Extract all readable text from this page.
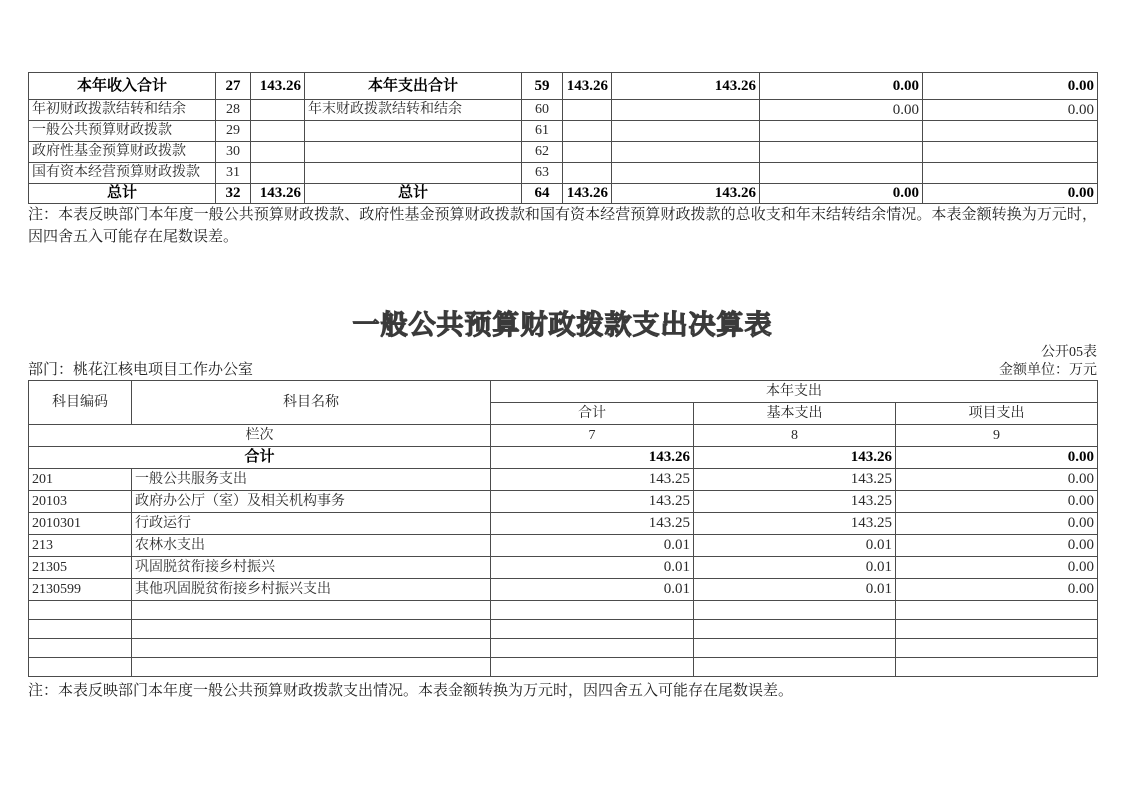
本年收入合计	27	143.26	本年支出合计	59	143.26	143.26	0.00	0.00
年初财政拨款结转和结余	28		年末财政拨款结转和结余	60			0.00	0.00
一般公共预算财政拨款	29			61				
政府性基金预算财政拨款	30			62				
国有资本经营预算财政拨款	31			63				
总计	32	143.26	总计	64	143.26	143.26	0.00	0.00
注：本表反映部门本年度一般公共预算财政拨款、政府性基金预算财政拨款和国有资本经营预算财政拨款的总收支和年末结转结余情况。本表金额转换为万元时，因四舍五入可能存在尾数误差。
一般公共预算财政拨款支出决算表
公开05表
部门：桃花江核电项目工作办公室	金额单位：万元
科目编码	科目名称	本年支出		
		合计	基本支出	项目支出
栏次		7	8	9
合计		143.26	143.26	0.00
201	一般公共服务支出	143.25	143.25	0.00
20103	政府办公厅（室）及相关机构事务	143.25	143.25	0.00
2010301	行政运行	143.25	143.25	0.00
213	农林水支出	0.01	0.01	0.00
21305	巩固脱贫衔接乡村振兴	0.01	0.01	0.00
2130599	其他巩固脱贫衔接乡村振兴支出	0.01	0.01	0.00

注：本表反映部门本年度一般公共预算财政拨款支出情况。本表金额转换为万元时，因四舍五入可能存在尾数误差。
